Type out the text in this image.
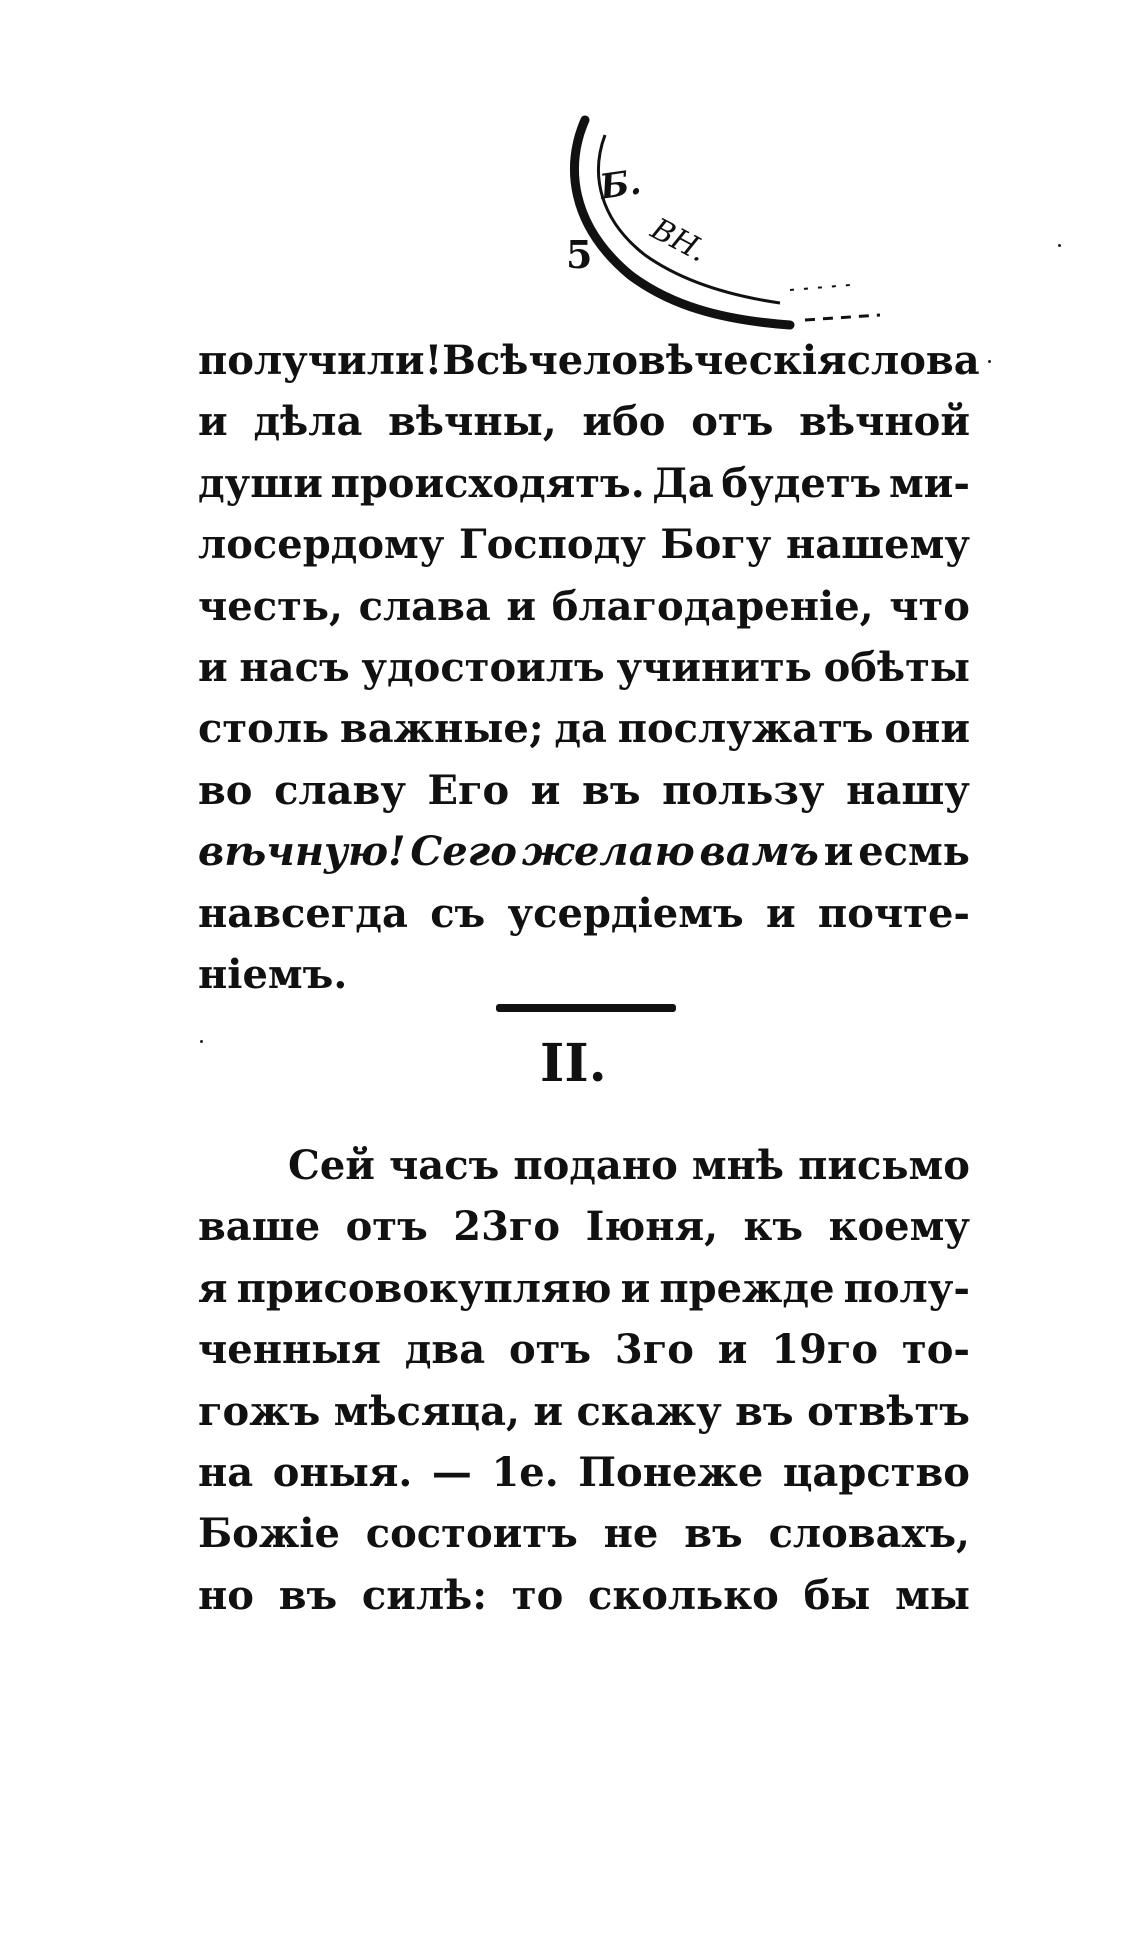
Б.
ВН.
5
получили! Всѣ человѣческія слова
и дѣла вѣчны, ибо отъ вѣчной
души происходятъ. Да будетъ ми-
лосердому Господу Богу нашему
честь, слава и благодареніе, что
и насъ удостоилъ учинить обѣты
столь важные; да послужатъ они
во славу Его и въ пользу нашу
вѣчную! Сего желаю вамъ и есмь
навсегда съ усердіемъ и почте-
ніемъ.
II.
Сей часъ подано мнѣ письмо
ваше отъ 23го Іюня, къ коему
я присовокупляю и прежде полу-
ченныя два отъ 3го и 19го то-
гожъ мѣсяца, и скажу въ отвѣтъ
на оныя. — 1е. Понеже царство
Божіе состоитъ не въ словахъ,
но въ силѣ: то сколько бы мы
